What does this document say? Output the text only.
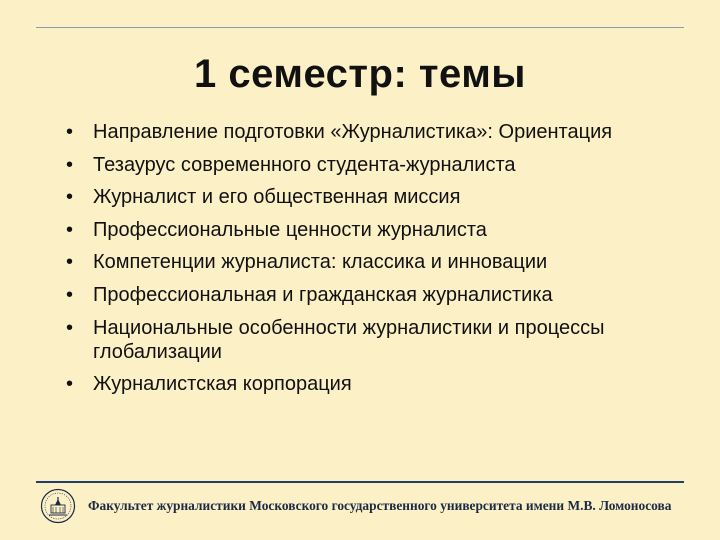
1 семестр: темы
• Направление подготовки «Журналистика»: Ориентация
• Тезаурус современного студента-журналиста
• Журналист и его общественная миссия
• Профессиональные ценности журналиста
• Компетенции журналиста: классика и инновации
• Профессиональная и гражданская журналистика
• Национальные особенности журналистики и процессы глобализации
• Журналистская корпорация
Факультет журналистики Московского государственного университета имени М.В. Ломоносова
